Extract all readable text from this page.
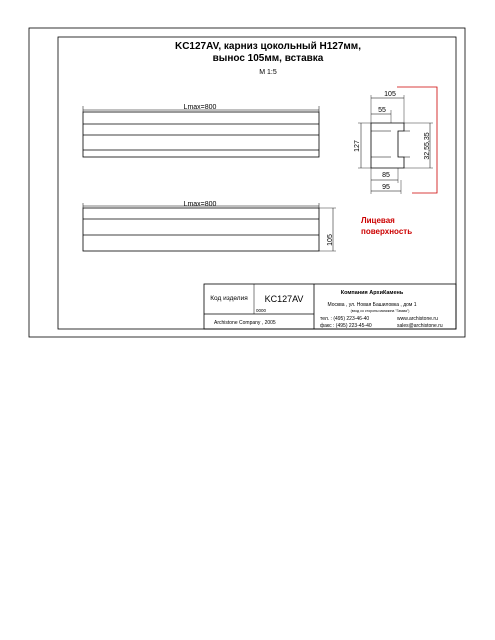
KC127AV, карниз цокольный H127мм,
вынос 105мм, вставка
M 1:5
Lmax=800
Lmax=800
105
105
55
127	32,55,35
85
95
Лицевая
поверхность
Код изделия KC127AV
0000
Archistone Company , 2005
Компания АрхиКамень
Москва , ул. Новая Башиловка , дом 1
(вход со стороны магазина "Гамма")
тел. : (495) 223-46-40
факс : (495) 223-45-40
www.archistone.ru
sales@archistone.ru
